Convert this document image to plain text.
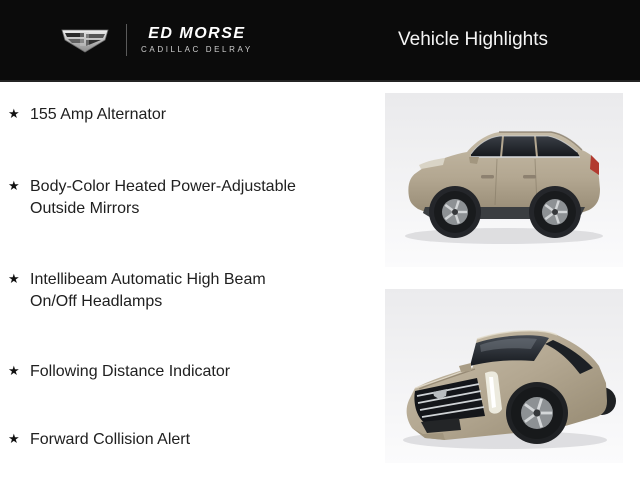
ED MORSE
CADILLAC DELRAY	Vehicle Highlights
★ 155 Amp Alternator
★ Body-Color Heated Power-Adjustable
Outside Mirrors
★ Intellibeam Automatic High Beam
On/Off Headlamps
★ Following Distance Indicator
★ Forward Collision Alert
